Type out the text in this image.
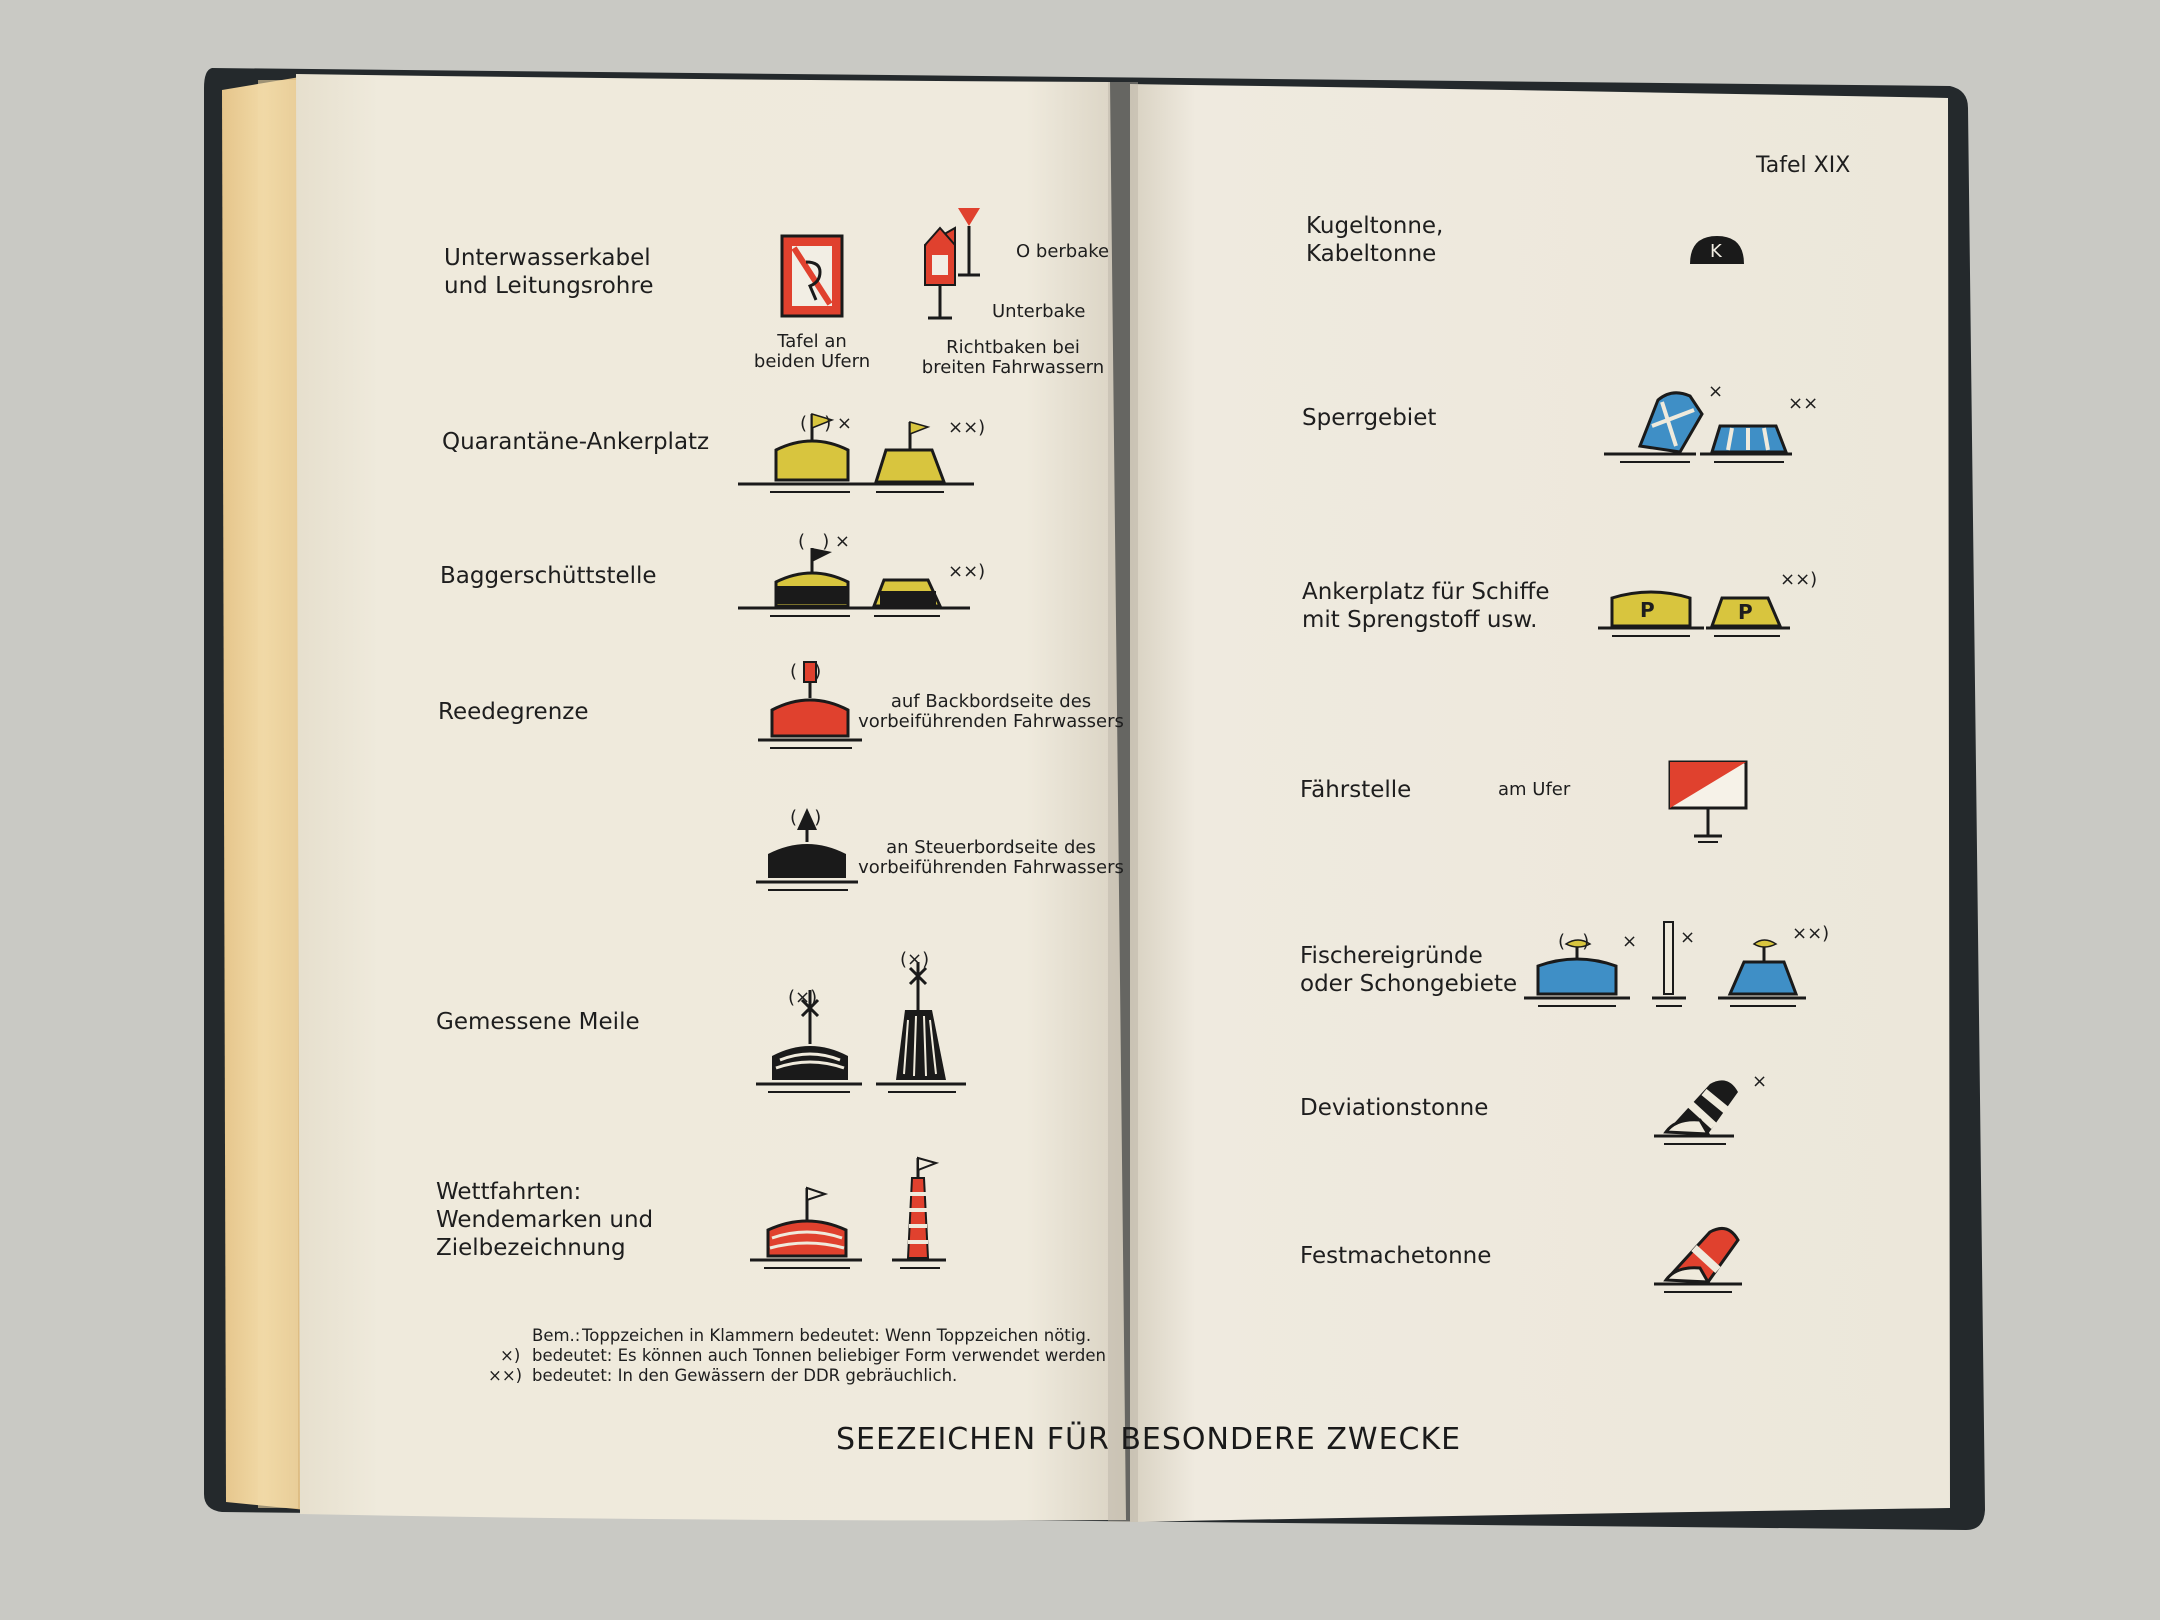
Unterwasserkabel
und Leitungsrohre
Tafel an
beiden Ufern
Richtbaken bei
breiten Fahrwassern
O berbake
Unterbake
Quarantäne-Ankerplatz
(   ) ×	××)
Baggerschüttstelle
(   ) ×
××)
Reedegrenze
(   )
auf Backbordseite des
vorbeiführenden Fahrwassers
(   )
an Steuerbordseite des
vorbeiführenden Fahrwassers
Gemessene Meile
(×)
(×)
Wettfahrten:
Wendemarken und
Zielbezeichnung
Bem.: Toppzeichen in Klammern bedeutet: Wenn Toppzeichen nötig.
×) bedeutet: Es können auch Tonnen beliebiger Form verwendet werden
××) bedeutet: In den Gewässern der DDR gebräuchlich.
SEEZEICHEN FÜR BESONDERE ZWECKE
Tafel XIX
Kugeltonne,
Kabeltonne	K
Sperrgebiet
×
××
Ankerplatz für Schiffe
mit Sprengstoff usw.	P	P
××)
Fährstelle	am Ufer
Fischereigründe
oder Schongebiete
(   ) × ×	××)
Deviationstonne
×
Festmachetonne
